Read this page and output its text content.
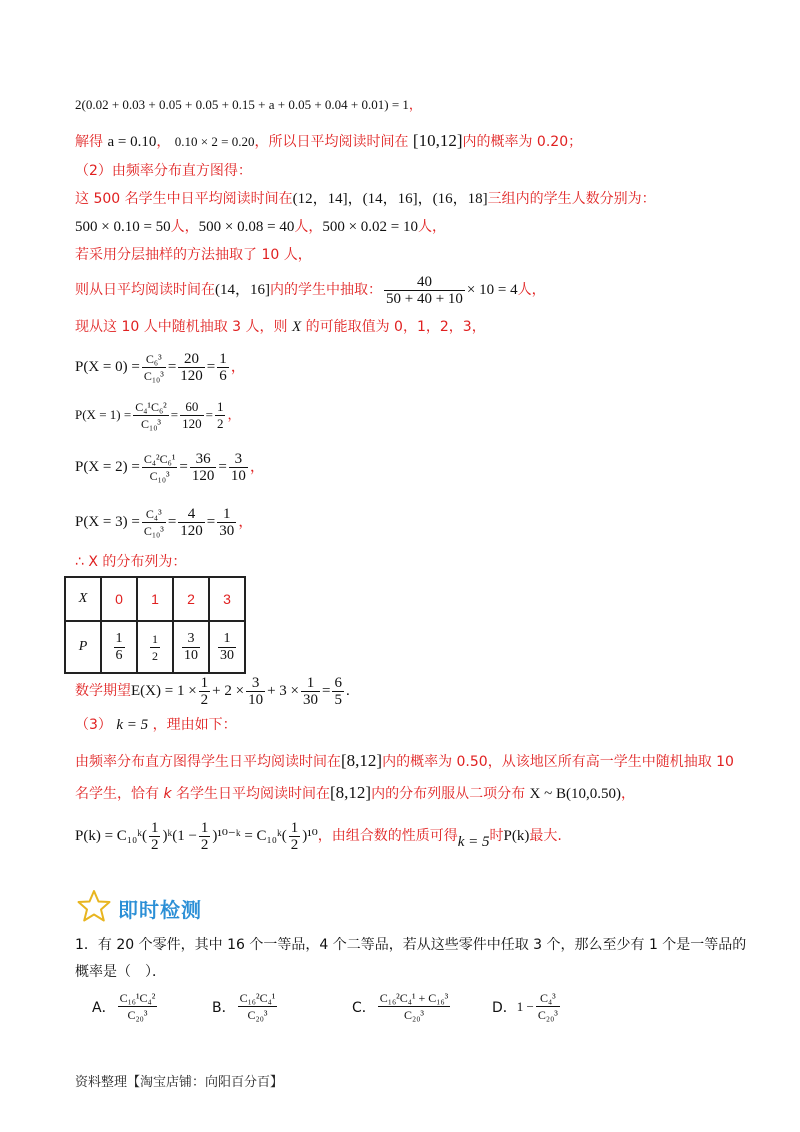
2(0.02 + 0.03 + 0.05 + 0.05 + 0.15 + a + 0.05 + 0.04 + 0.01) = 1，
解得 a = 0.10， 0.10 × 2 = 0.20，所以日平均阅读时间在 [10,12]内的概率为 0.20；
（2）由频率分布直方图得：
这 500 名学生中日平均阅读时间在(12，14]，(14，16]，(16，18]三组内的学生人数分别为：
500 × 0.10 = 50人，500 × 0.08 = 40人，500 × 0.02 = 10人，
若采用分层抽样的方法抽取了 10 人，
则从日平均阅读时间在 (14，16] 内的学生中抽取： $\frac{40}{50 + 40 + 10} \times 10 = 4$ 人，
现从这 10 人中随机抽取 3 人，则 X 的可能取值为 0，1，2，3，
$P(X = 0) = \frac{\text{C₆³}}{\text{C₁₀³}} = \frac{20}{120} = \frac{1}{6}$ ，
$P(X = 1) = \frac{\text{C₄¹C₆²}}{\text{C₁₀³}} = \frac{60}{120} = \frac{1}{2}$ ，
$P(X = 2) = \frac{\text{C₄²C₆¹}}{\text{C₁₀³}} = \frac{36}{120} = \frac{3}{10}$ ，
$P(X = 3) = \frac{\text{C₄³}}{\text{C₁₀³}} = \frac{4}{120} = \frac{1}{30}$ ，
∴ X 的分布列为：
X	0	1	2	3
P	$\frac{1}{6}$	$\frac{1}{2}$	$\frac{3}{10}$	$\frac{1}{30}$
数学期望 $E(X) = 1 \times \frac{1}{2} + 2 \times \frac{3}{10} + 3 \times \frac{1}{30} = \frac{6}{5}$ .
（3） k = 5 ，理由如下：
由频率分布直方图得学生日平均阅读时间在[8,12]内的概率为 0.50，从该地区所有高一学生中随机抽取 10
名学生，恰有 k 名学生日平均阅读时间在[8,12]内的分布列服从二项分布 X ~ B(10,0.50)，
P(k) = C₁₀ᵏ( $\frac{1}{2}$ )ᵏ(1 − $\frac{1}{2}$ )¹⁰⁻ᵏ = C₁₀ᵏ( $\frac{1}{2} )^{10}$ ，由组合数的性质可得 k = 5 时 P(k) 最大.
即时检测
1．有 20 个零件，其中 16 个一等品，4 个二等品，若从这些零件中任取 3 个，那么至少有 1 个是一等品的
概率是（　）．
A． $\frac{\text{C₁₆¹C₄²}}{\text{C₂₀³}}$	B． $\frac{\text{C₁₆²C₄¹}}{\text{C₂₀³}}$	C． $\frac{\text{C₁₆²C₄¹ + C₁₆³}}{\text{C₂₀³}}$	D． $1 - \frac{\text{C₄³}}{\text{C₂₀³}}$
资料整理【淘宝店铺：向阳百分百】
